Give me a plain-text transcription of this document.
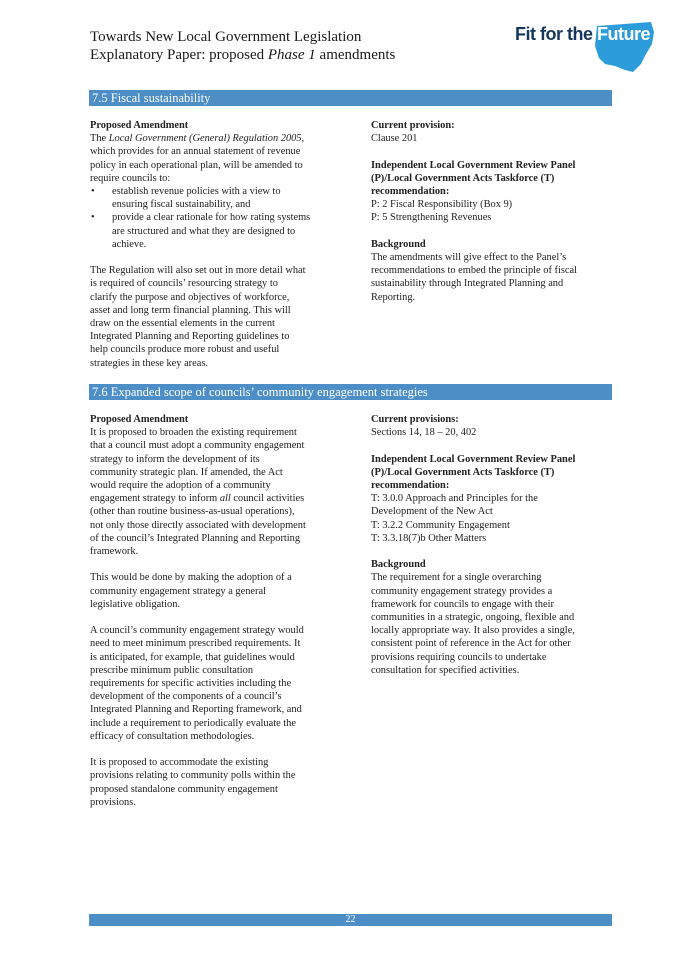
Towards New Local Government Legislation
Explanatory Paper: proposed Phase 1 amendments
Fit for the Future
7.5 Fiscal sustainability

Proposed Amendment

The Local Government (General) Regulation 2005,

which provides for an annual statement of revenue

policy in each operational plan, will be amended to

require councils to:

• establish revenue policies with a view to
ensuring fiscal sustainability, and
• provide a clear rationale for how rating systems
are structured and what they are designed to
achieve.

The Regulation will also set out in more detail what

is required of councils’ resourcing strategy to

clarify the purpose and objectives of workforce,

asset and long term financial planning. This will

draw on the essential elements in the current

Integrated Planning and Reporting guidelines to

help councils produce more robust and useful

strategies in these key areas.

Current provision:

Clause 201

Independent Local Government Review Panel

(P)/Local Government Acts Taskforce (T)

recommendation:

P: 2 Fiscal Responsibility (Box 9)

P: 5 Strengthening Revenues

Background

The amendments will give effect to the Panel’s

recommendations to embed the principle of fiscal

sustainability through Integrated Planning and

Reporting.

7.6 Expanded scope of councils’ community engagement strategies

Proposed Amendment

It is proposed to broaden the existing requirement

that a council must adopt a community engagement

strategy to inform the development of its

community strategic plan. If amended, the Act

would require the adoption of a community

engagement strategy to inform all council activities

(other than routine business-as-usual operations),

not only those directly associated with development

of the council’s Integrated Planning and Reporting

framework.

This would be done by making the adoption of a

community engagement strategy a general

legislative obligation.

A council’s community engagement strategy would

need to meet minimum prescribed requirements. It

is anticipated, for example, that guidelines would

prescribe minimum public consultation

requirements for specific activities including the

development of the components of a council’s

Integrated Planning and Reporting framework, and

include a requirement to periodically evaluate the

efficacy of consultation methodologies.

It is proposed to accommodate the existing

provisions relating to community polls within the

proposed standalone community engagement

provisions.

Current provisions:

Sections 14, 18 – 20, 402

Independent Local Government Review Panel

(P)/Local Government Acts Taskforce (T)

recommendation:

T: 3.0.0 Approach and Principles for the

Development of the New Act

T: 3.2.2 Community Engagement

T: 3.3.18(7)b Other Matters

Background

The requirement for a single overarching

community engagement strategy provides a

framework for councils to engage with their

communities in a strategic, ongoing, flexible and

locally appropriate way. It also provides a single,

consistent point of reference in the Act for other

provisions requiring councils to undertake

consultation for specified activities.

22
